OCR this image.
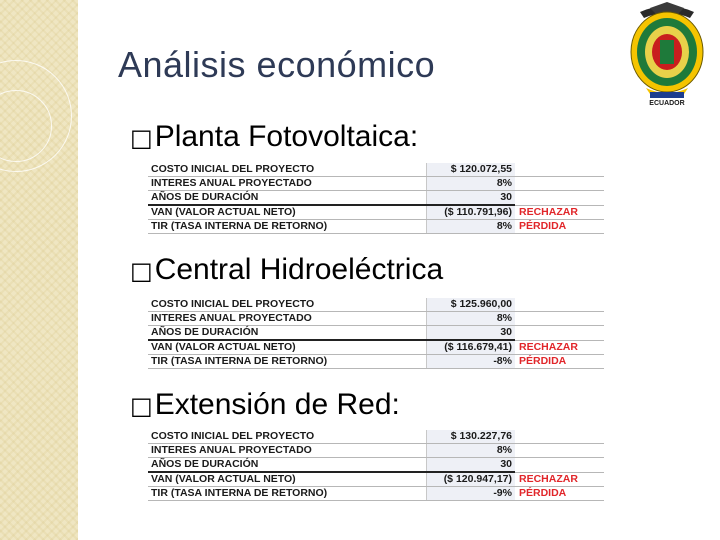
Análisis económico
ECUADOR
□ Planta Fotovoltaica:
COSTO INICIAL DEL PROYECTO	$ 120.072,55	
INTERES ANUAL PROYECTADO	8%	
AÑOS DE DURACIÓN	30	
VAN (VALOR ACTUAL NETO)	($ 110.791,96)	RECHAZAR
TIR (TASA INTERNA DE RETORNO)	8%	PÉRDIDA
□ Central Hidroeléctrica
COSTO INICIAL DEL PROYECTO	$ 125.960,00	
INTERES ANUAL PROYECTADO	8%	
AÑOS DE DURACIÓN	30	
VAN (VALOR ACTUAL NETO)	($ 116.679,41)	RECHAZAR
TIR (TASA INTERNA DE RETORNO)	-8%	PÉRDIDA
□ Extensión de Red:
COSTO INICIAL DEL PROYECTO	$ 130.227,76	
INTERES ANUAL PROYECTADO	8%	
AÑOS DE DURACIÓN	30	
VAN (VALOR ACTUAL NETO)	($ 120.947,17)	RECHAZAR
TIR (TASA INTERNA DE RETORNO)	-9%	PÉRDIDA
